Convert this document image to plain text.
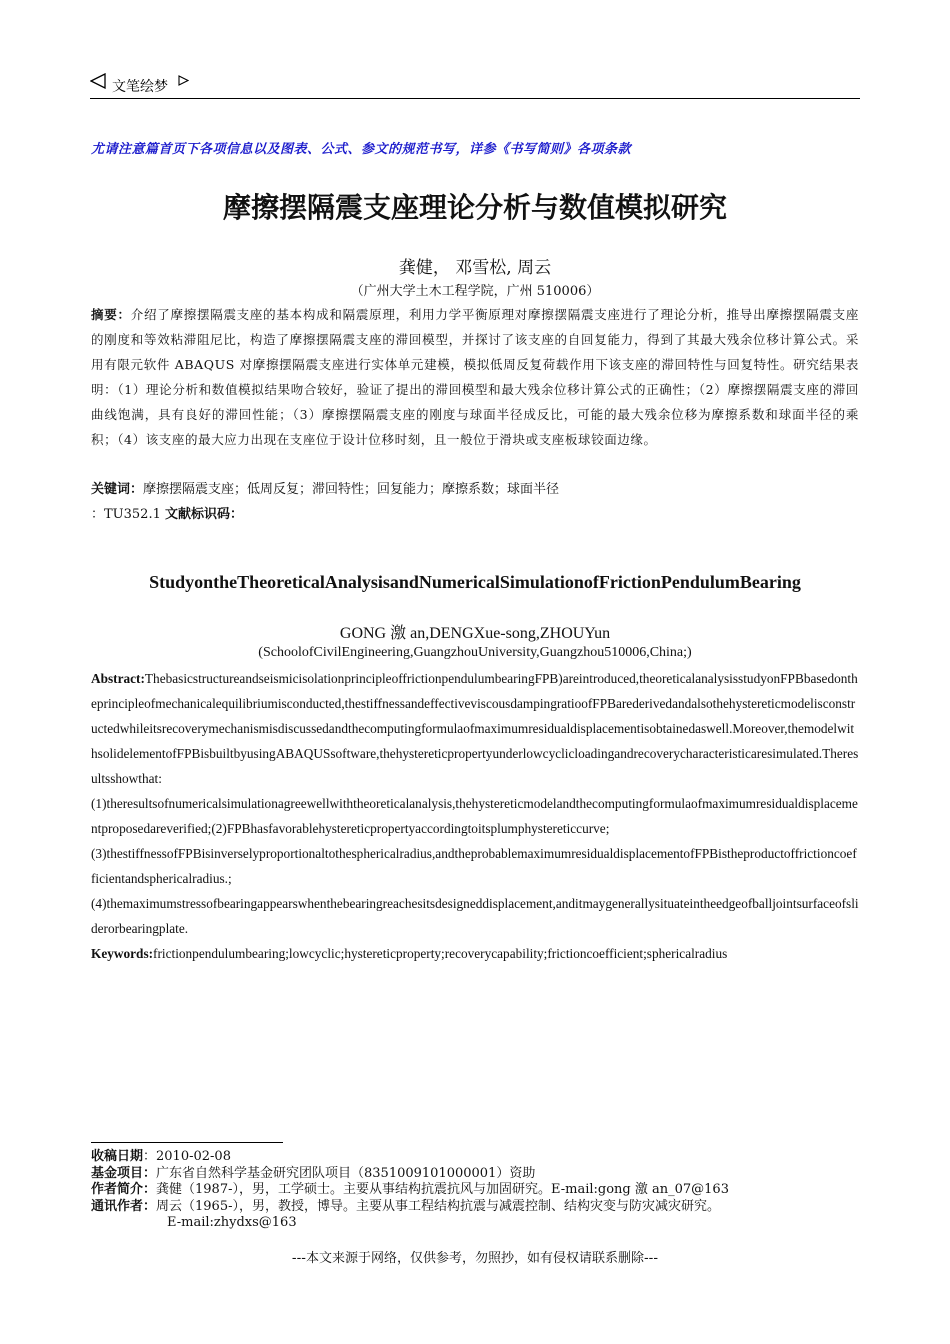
文笔绘梦
尤请注意篇首页下各项信息以及图表、公式、参文的规范书写，详参《书写简则》各项条款
摩擦摆隔震支座理论分析与数值模拟研究
龚健， 邓雪松, 周云
（广州大学土木工程学院，广州 510006）
摘要：介绍了摩擦摆隔震支座的基本构成和隔震原理，利用力学平衡原理对摩擦摆隔震支座进行了理论分析，推导出摩擦摆隔震支座的刚度和等效粘滞阻尼比，构造了摩擦摆隔震支座的滞回模型，并探讨了该支座的自回复能力，得到了其最大残余位移计算公式。采用有限元软件 ABAQUS 对摩擦摆隔震支座进行实体单元建模，模拟低周反复荷载作用下该支座的滞回特性与回复特性。研究结果表明：（1）理论分析和数值模拟结果吻合较好，验证了提出的滞回模型和最大残余位移计算公式的正确性；（2）摩擦摆隔震支座的滞回曲线饱满，具有良好的滞回性能；（3）摩擦摆隔震支座的刚度与球面半径成反比，可能的最大残余位移为摩擦系数和球面半径的乘积；（4）该支座的最大应力出现在支座位于设计位移时刻，且一般位于滑块或支座板球铰面边缘。
关键词：摩擦摆隔震支座；低周反复；滞回特性；回复能力；摩擦系数；球面半径
：TU352.1 文献标识码：
StudyontheTheoreticalAnalysisandNumericalSimulationofFrictionPendulumBearing
GONG 激 an,DENGXue-song,ZHOUYun
(SchoolofCivilEngineering,GuangzhouUniversity,Guangzhou510006,China;)

Abstract:ThebasicstructureandseismicisolationprincipleoffrictionpendulumbearingFPB)areintroduced,theoreticalanalysisstudyonFPBbasedontheprincipleofmechanicalequilibriumisconducted,thestiffnessandeffectiveviscousdampingratioofFPBarederivedandalsothehystereticmodelisconstructedwhileitsrecoverymechanismisdiscussedandthecomputingformulaofmaximumresidualdisplacementisobtainedaswell.Moreover,themodelwithsolidelementofFPBisbuiltbyusingABAQUSsoftware,thehystereticpropertyunderlowcyclicloadingandrecoverycharacteristicaresimulated.Theresultsshowthat:

(1)theresultsofnumericalsimulationagreewellwiththeoreticalanalysis,thehystereticmodelandthecomputingformulaofmaximumresidualdisplacementproposedareverified;(2)FPBhasfavorablehystereticpropertyaccordingtoitsplumphystereticcurve;

(3)thestiffnessofFPBisinverselyproportionaltothesphericalradius,andtheprobablemaximumresidualdisplacementofFPBistheproductoffrictioncoefficientandsphericalradius.;

(4)themaximumstressofbearingappearswhenthebearingreachesitsdesigneddisplacement,anditmaygenerallysituateintheedgeofballjointsurfaceofsliderorbearingplate.

Keywords:frictionpendulumbearing;lowcyclic;hystereticproperty;recoverycapability;frictioncoefficient;sphericalradius

收稿日期：2010-02-08
基金项目：广东省自然科学基金研究团队项目（8351009101000001）资助
作者简介：龚健（1987-），男，工学硕士。主要从事结构抗震抗风与加固研究。E-mail:gong 激 an_07@163
通讯作者：周云（1965-），男，教授，博导。主要从事工程结构抗震与减震控制、结构灾变与防灾减灾研究。
E-mail:zhydxs@163
---本文来源于网络，仅供参考，勿照抄，如有侵权请联系删除---
